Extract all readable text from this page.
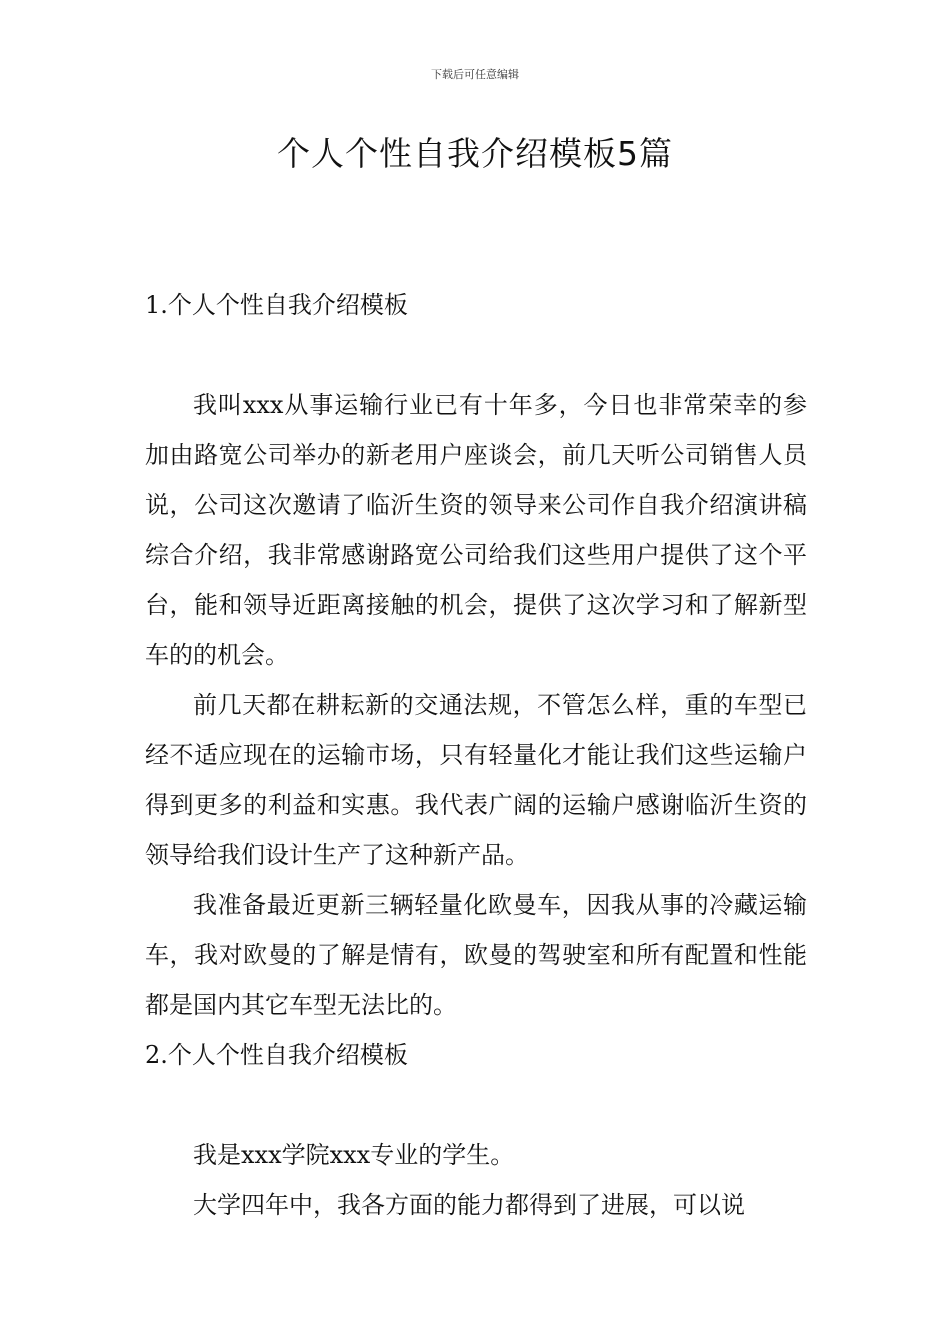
下载后可任意编辑
个人个性自我介绍模板5篇
1.个人个性自我介绍模板

我叫xxx从事运输行业已有十年多，今日也非常荣幸的参加由路宽公司举办的新老用户座谈会，前几天听公司销售人员说，公司这次邀请了临沂生资的领导来公司作自我介绍演讲稿综合介绍，我非常感谢路宽公司给我们这些用户提供了这个平台，能和领导近距离接触的机会，提供了这次学习和了解新型车的的机会。

前几天都在耕耘新的交通法规，不管怎么样，重的车型已经不适应现在的运输市场，只有轻量化才能让我们这些运输户得到更多的利益和实惠。我代表广阔的运输户感谢临沂生资的领导给我们设计生产了这种新产品。

我准备最近更新三辆轻量化欧曼车，因我从事的冷藏运输车，我对欧曼的了解是情有，欧曼的驾驶室和所有配置和性能都是国内其它车型无法比的。

2.个人个性自我介绍模板

我是xxx学院xxx专业的学生。

大学四年中，我各方面的能力都得到了进展，可以说
